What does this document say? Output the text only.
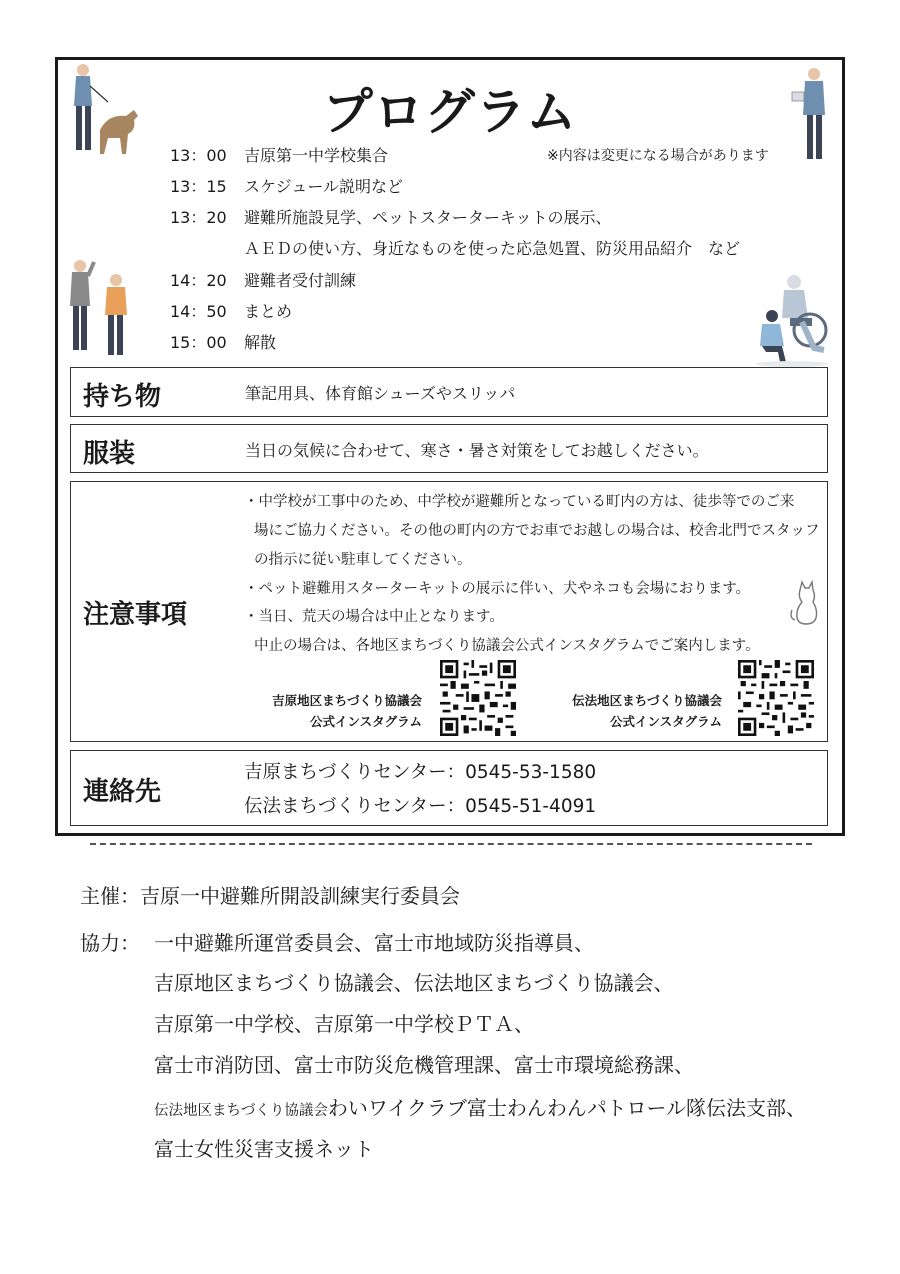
プログラム
※内容は変更になる場合があります
13：00 吉原第一中学校集合
13：15 スケジュール説明など
13：20 避難所施設見学、ペットスターターキットの展示、
ＡＥＤの使い方、身近なものを使った応急処置、防災用品紹介　など
14：20 避難者受付訓練
14：50 まとめ
15：00 解散
持ち物	筆記用具、体育館シューズやスリッパ
服装	当日の気候に合わせて、寒さ・暑さ対策をしてお越しください。
注意事項
・中学校が工事中のため、中学校が避難所となっている町内の方は、徒歩等でのご来
場にご協力ください。その他の町内の方でお車でお越しの場合は、校舎北門でスタッフ
の指示に従い駐車してください。
・ペット避難用スターターキットの展示に伴い、犬やネコも会場におります。
・当日、荒天の場合は中止となります。
中止の場合は、各地区まちづくり協議会公式インスタグラムでご案内します。
吉原地区まちづくり協議会
公式インスタグラム
伝法地区まちづくり協議会
公式インスタグラム
連絡先
吉原まちづくりセンター：0545-53-1580
伝法まちづくりセンター：0545-51-4091
主催：吉原一中避難所開設訓練実行委員会
協力： 一中避難所運営委員会、富士市地域防災指導員、
吉原地区まちづくり協議会、伝法地区まちづくり協議会、
吉原第一中学校、吉原第一中学校ＰＴＡ、
富士市消防団、富士市防災危機管理課、富士市環境総務課、
伝法地区まちづくり協議会わいワイクラブ富士わんわんパトロール隊伝法支部、
富士女性災害支援ネット
